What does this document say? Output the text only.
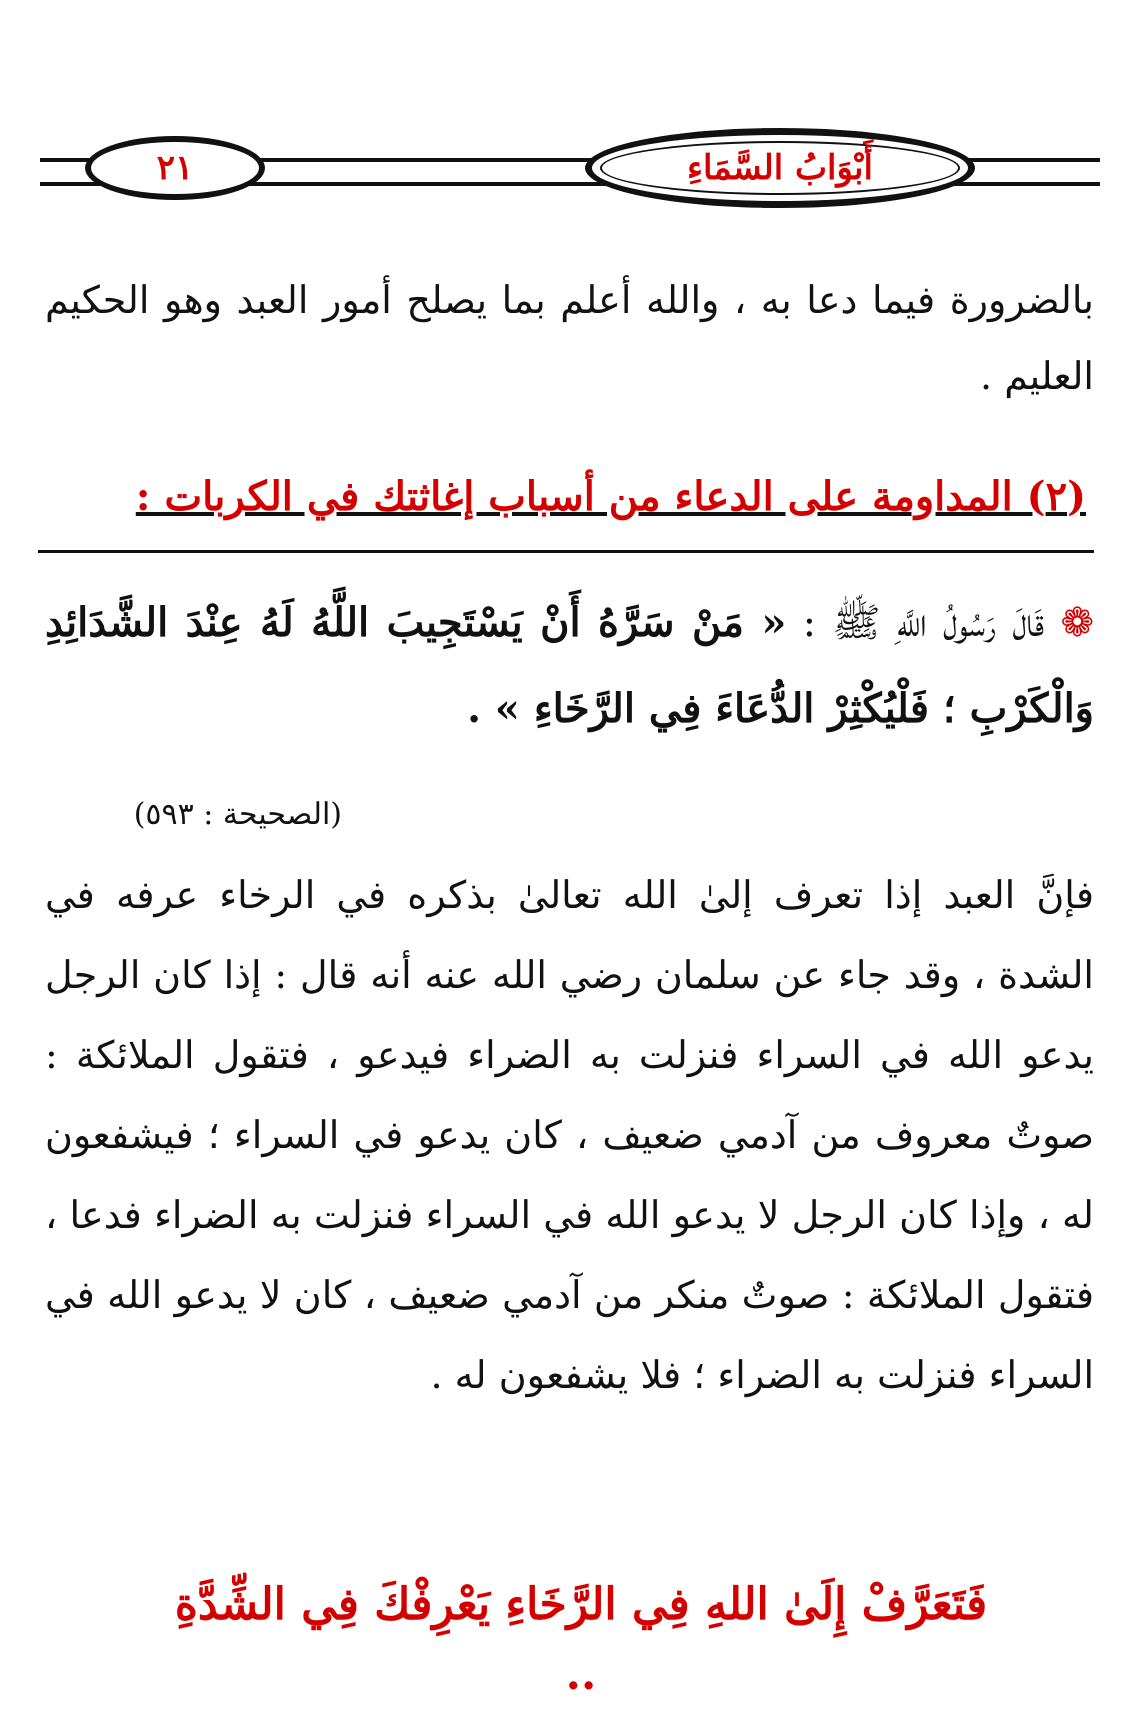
أَبْوَابُ السَّمَاءِ
٢١

بالضرورة فيما دعا به ، والله أعلم بما يصلح أمور العبد وهو الحكيم العليم .

(٢) المداومة على الدعاء من أسباب إغاثتك في الكربات :
❁ قَالَ رَسُولُ اللَّهِ ﷺ : « مَنْ سَرَّهُ أَنْ يَسْتَجِيبَ اللَّهُ لَهُ عِنْدَ الشَّدَائِدِ وَالْكَرْبِ ؛ فَلْيُكْثِرْ الدُّعَاءَ فِي الرَّخَاءِ » .
(الصحيحة : ٥٩٣)

فإنَّ العبد إذا تعرف إلىٰ الله تعالىٰ بذكره في الرخاء عرفه في الشدة ، وقد جاء عن سلمان رضي الله عنه أنه قال : إذا كان الرجل يدعو الله في السراء فنزلت به الضراء فيدعو ، فتقول الملائكة : صوتٌ معروف من آدمي ضعيف ، كان يدعو في السراء ؛ فيشفعون له ، وإذا كان الرجل لا يدعو الله في السراء فنزلت به الضراء فدعا ، فتقول الملائكة : صوتٌ منكر من آدمي ضعيف ، كان لا يدعو الله في السراء فنزلت به الضراء ؛ فلا يشفعون له .

فَتَعَرَّفْ إِلَىٰ اللهِ فِي الرَّخَاءِ يَعْرِفْكَ فِي الشِّدَّةِ ..
